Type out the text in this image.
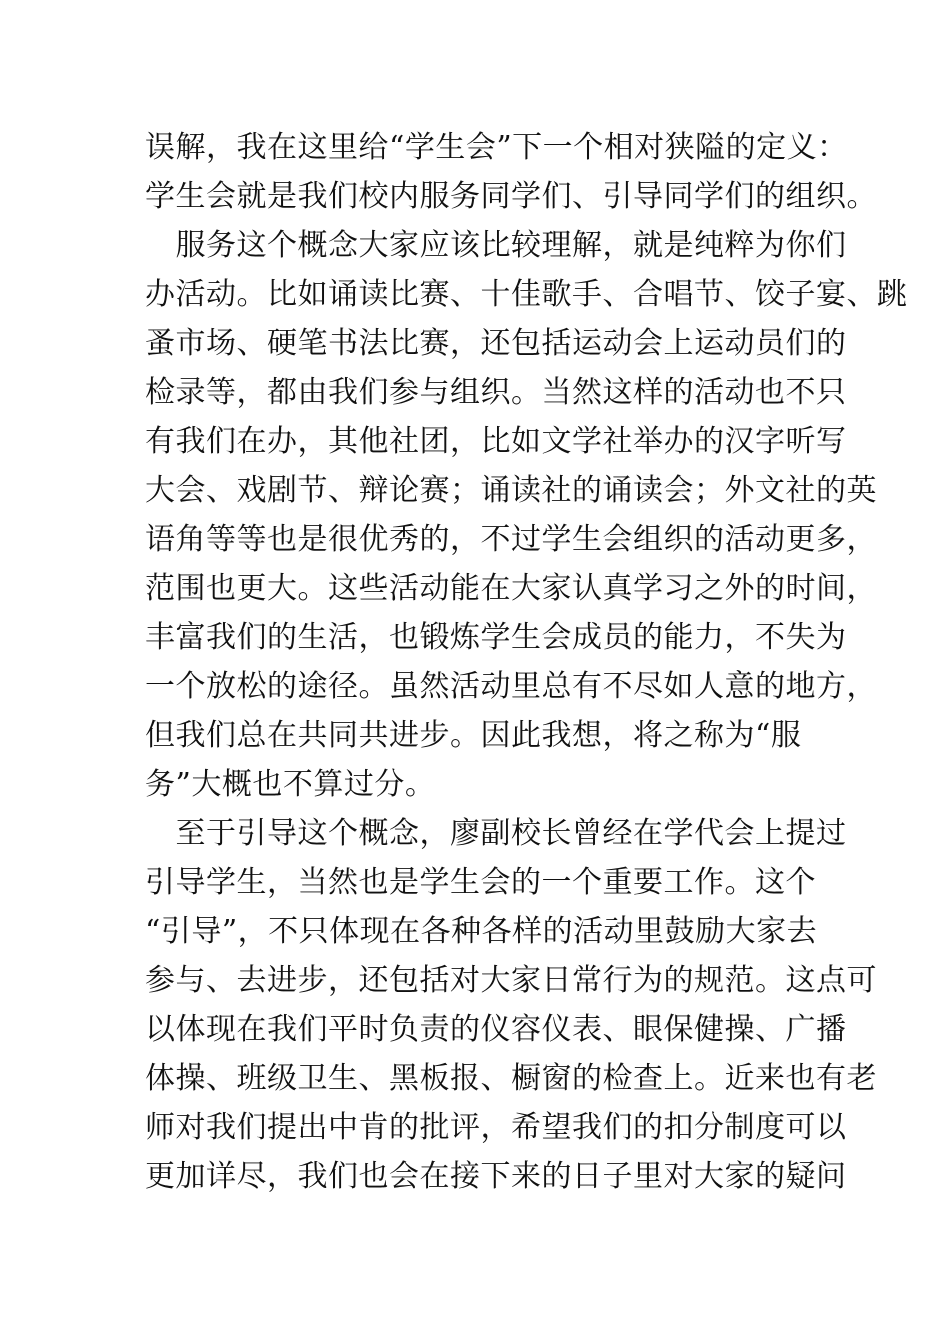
误解，我在这里给“学生会”下一个相对狭隘的定义：
学生会就是我们校内服务同学们、引导同学们的组织。
　服务这个概念大家应该比较理解，就是纯粹为你们
办活动。比如诵读比赛、十佳歌手、合唱节、饺子宴、跳
蚤市场、硬笔书法比赛，还包括运动会上运动员们的
检录等，都由我们参与组织。当然这样的活动也不只
有我们在办，其他社团，比如文学社举办的汉字听写
大会、戏剧节、辩论赛；诵读社的诵读会；外文社的英
语角等等也是很优秀的，不过学生会组织的活动更多，
范围也更大。这些活动能在大家认真学习之外的时间，
丰富我们的生活，也锻炼学生会成员的能力，不失为
一个放松的途径。虽然活动里总有不尽如人意的地方，
但我们总在共同共进步。因此我想，将之称为“服
务”大概也不算过分。
　至于引导这个概念，廖副校长曾经在学代会上提过
引导学生，当然也是学生会的一个重要工作。这个
“引导”，不只体现在各种各样的活动里鼓励大家去
参与、去进步，还包括对大家日常行为的规范。这点可
以体现在我们平时负责的仪容仪表、眼保健操、广播
体操、班级卫生、黑板报、橱窗的检查上。近来也有老
师对我们提出中肯的批评，希望我们的扣分制度可以
更加详尽，我们也会在接下来的日子里对大家的疑问
